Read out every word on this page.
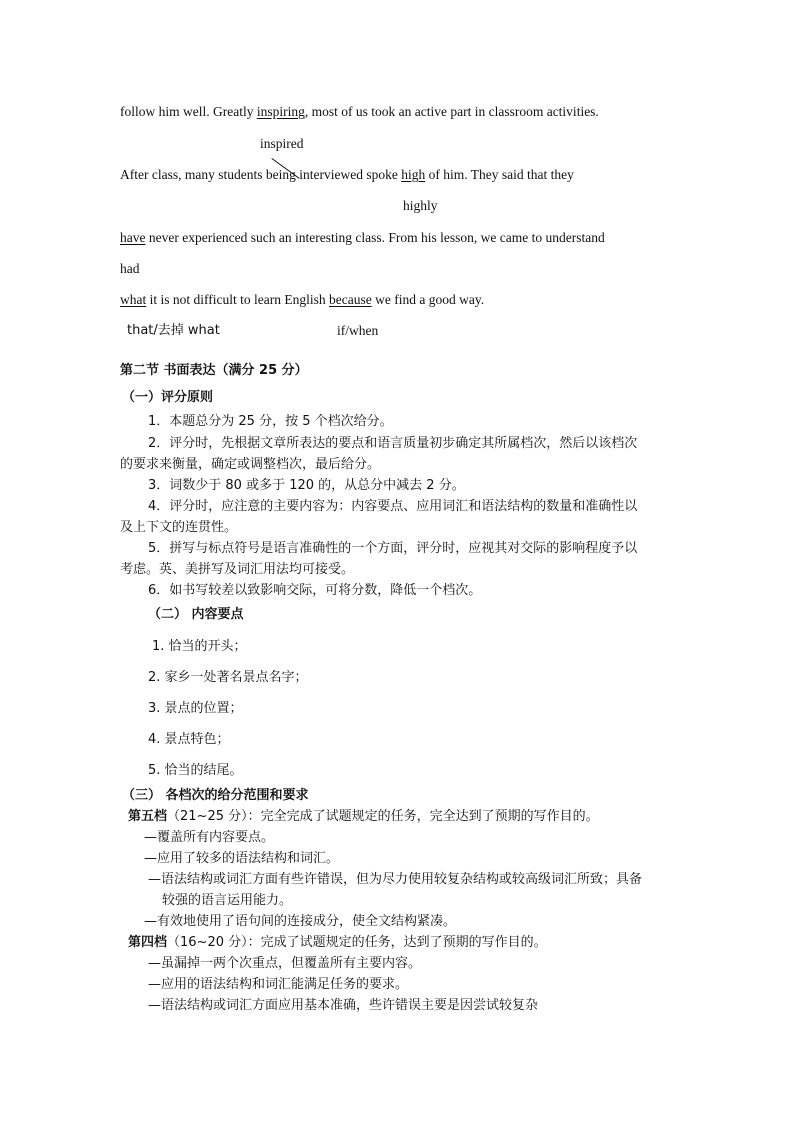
follow him well. Greatly inspiring, most of us took an active part in classroom activities.
inspired
After class, many students being interviewed spoke high of him. They said that they
highly
have never experienced such an interesting class. From his lesson, we came to understand
had
what it is not difficult to learn English because we find a good way.
that/去掉 what	if/when
第二节 书面表达（满分 25 分）
（一）评分原则
1．本题总分为 25 分，按 5 个档次给分。
2．评分时，先根据文章所表达的要点和语言质量初步确定其所属档次，然后以该档次
的要求来衡量，确定或调整档次，最后给分。
3．词数少于 80 或多于 120 的，从总分中减去 2 分。
4．评分时，应注意的主要内容为：内容要点、应用词汇和语法结构的数量和准确性以
及上下文的连贯性。
5．拼写与标点符号是语言准确性的一个方面，评分时，应视其对交际的影响程度予以
考虑。英、美拼写及词汇用法均可接受。
6．如书写较差以致影响交际，可将分数，降低一个档次。
（二） 内容要点
1. 恰当的开头；
2. 家乡一处著名景点名字；
3. 景点的位置；
4. 景点特色；
5. 恰当的结尾。
（三） 各档次的给分范围和要求
第五档（21~25 分）：完全完成了试题规定的任务，完全达到了预期的写作目的。
—覆盖所有内容要点。
—应用了较多的语法结构和词汇。
—语法结构或词汇方面有些许错误，但为尽力使用较复杂结构或较高级词汇所致；具备
较强的语言运用能力。
—有效地使用了语句间的连接成分，使全文结构紧凑。
第四档（16~20 分）：完成了试题规定的任务，达到了预期的写作目的。
—虽漏掉一两个次重点，但覆盖所有主要内容。
—应用的语法结构和词汇能满足任务的要求。
—语法结构或词汇方面应用基本准确，些许错误主要是因尝试较复杂
